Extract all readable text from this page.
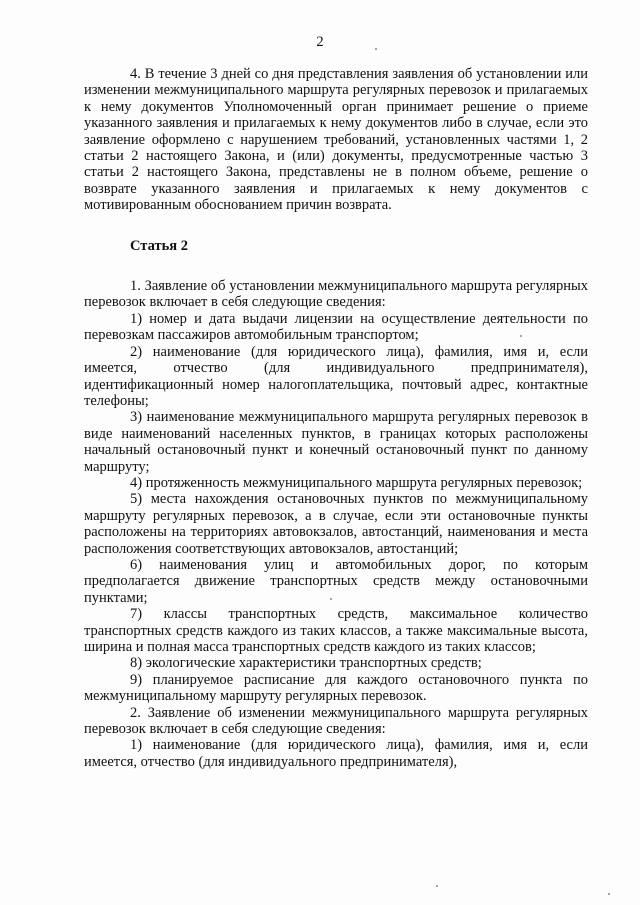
2

4. В течение 3 дней со дня представления заявления об установлении или изменении межмуниципального маршрута регулярных перевозок и прилагаемых к нему документов Уполномоченный орган принимает решение о приеме указанного заявления и прилагаемых к нему документов либо в случае, если это заявление оформлено с нарушением требований, установленных частями 1, 2 статьи 2 настоящего Закона, и (или) документы, предусмотренные частью 3 статьи 2 настоящего Закона, представлены не в полном объеме, решение о возврате указанного заявления и прилагаемых к нему документов с мотивированным обоснованием причин возврата.

Статья 2

1. Заявление об установлении межмуниципального маршрута регулярных перевозок включает в себя следующие сведения:

1) номер и дата выдачи лицензии на осуществление деятельности по перевозкам пассажиров автомобильным транспортом;

2) наименование (для юридического лица), фамилия, имя и, если имеется, отчество (для индивидуального предпринимателя), идентификационный номер налогоплательщика, почтовый адрес, контактные телефоны;

3) наименование межмуниципального маршрута регулярных перевозок в виде наименований населенных пунктов, в границах которых расположены начальный остановочный пункт и конечный остановочный пункт по данному маршруту;

4) протяженность межмуниципального маршрута регулярных перевозок;

5) места нахождения остановочных пунктов по межмуниципальному маршруту регулярных перевозок, а в случае, если эти остановочные пункты расположены на территориях автовокзалов, автостанций, наименования и места расположения соответствующих автовокзалов, автостанций;

6) наименования улиц и автомобильных дорог, по которым предполагается движение транспортных средств между остановочными пунктами;

7) классы транспортных средств, максимальное количество транспортных средств каждого из таких классов, а также максимальные высота, ширина и полная масса транспортных средств каждого из таких классов;

8) экологические характеристики транспортных средств;

9) планируемое расписание для каждого остановочного пункта по межмуниципальному маршруту регулярных перевозок.

2. Заявление об изменении межмуниципального маршрута регулярных перевозок включает в себя следующие сведения:

1) наименование (для юридического лица), фамилия, имя и, если имеется, отчество (для индивидуального предпринимателя),
